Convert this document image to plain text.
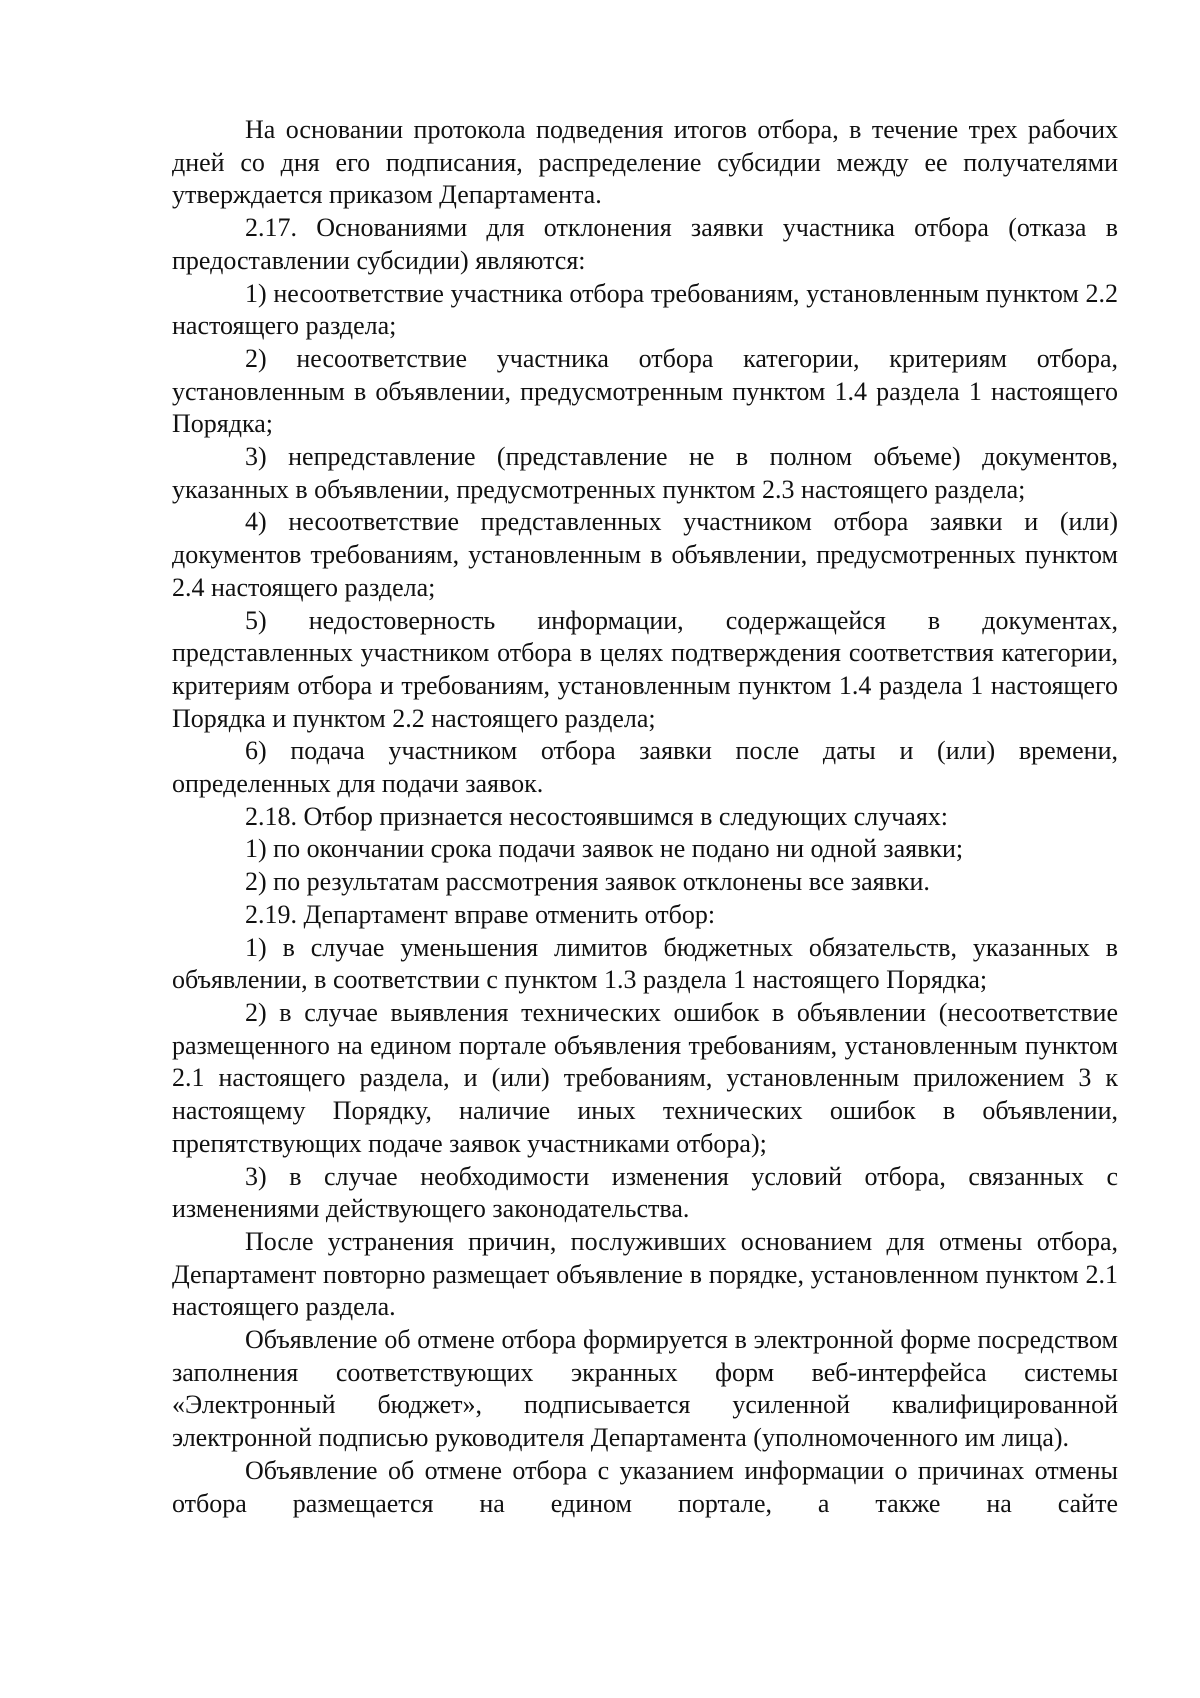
На основании протокола подведения итогов отбора, в течение трех рабочих дней со дня его подписания, распределение субсидии между ее получателями утверждается приказом Департамента.

2.17. Основаниями для отклонения заявки участника отбора (отказа в предоставлении субсидии) являются:

1) несоответствие участника отбора требованиям, установленным пунктом 2.2 настоящего раздела;

2) несоответствие участника отбора категории, критериям отбора, установленным в объявлении, предусмотренным пунктом 1.4 раздела 1 настоящего Порядка;

3) непредставление (представление не в полном объеме) документов, указанных в объявлении, предусмотренных пунктом 2.3 настоящего раздела;

4) несоответствие представленных участником отбора заявки и (или) документов требованиям, установленным в объявлении, предусмотренных пунктом 2.4 настоящего раздела;

5) недостоверность информации, содержащейся в документах, представленных участником отбора в целях подтверждения соответствия категории, критериям отбора и требованиям, установленным пунктом 1.4 раздела 1 настоящего Порядка и пунктом 2.2 настоящего раздела;

6) подача участником отбора заявки после даты и (или) времени, определенных для подачи заявок.

2.18. Отбор признается несостоявшимся в следующих случаях:

1) по окончании срока подачи заявок не подано ни одной заявки;

2) по результатам рассмотрения заявок отклонены все заявки.

2.19. Департамент вправе отменить отбор:

1) в случае уменьшения лимитов бюджетных обязательств, указанных в объявлении, в соответствии с пунктом 1.3 раздела 1 настоящего Порядка;

2) в случае выявления технических ошибок в объявлении (несоответствие размещенного на едином портале объявления требованиям, установленным пунктом 2.1 настоящего раздела, и (или) требованиям, установленным приложением 3 к настоящему Порядку, наличие иных технических ошибок в объявлении, препятствующих подаче заявок участниками отбора);

3) в случае необходимости изменения условий отбора, связанных с изменениями действующего законодательства.

После устранения причин, послуживших основанием для отмены отбора, Департамент повторно размещает объявление в порядке, установленном пунктом 2.1 настоящего раздела.

Объявление об отмене отбора формируется в электронной форме посредством заполнения соответствующих экранных форм веб-интерфейса системы «Электронный бюджет», подписывается усиленной квалифицированной электронной подписью руководителя Департамента (уполномоченного им лица).

Объявление об отмене отбора с указанием информации о причинах отмены отбора размещается на едином портале, а также на сайте
